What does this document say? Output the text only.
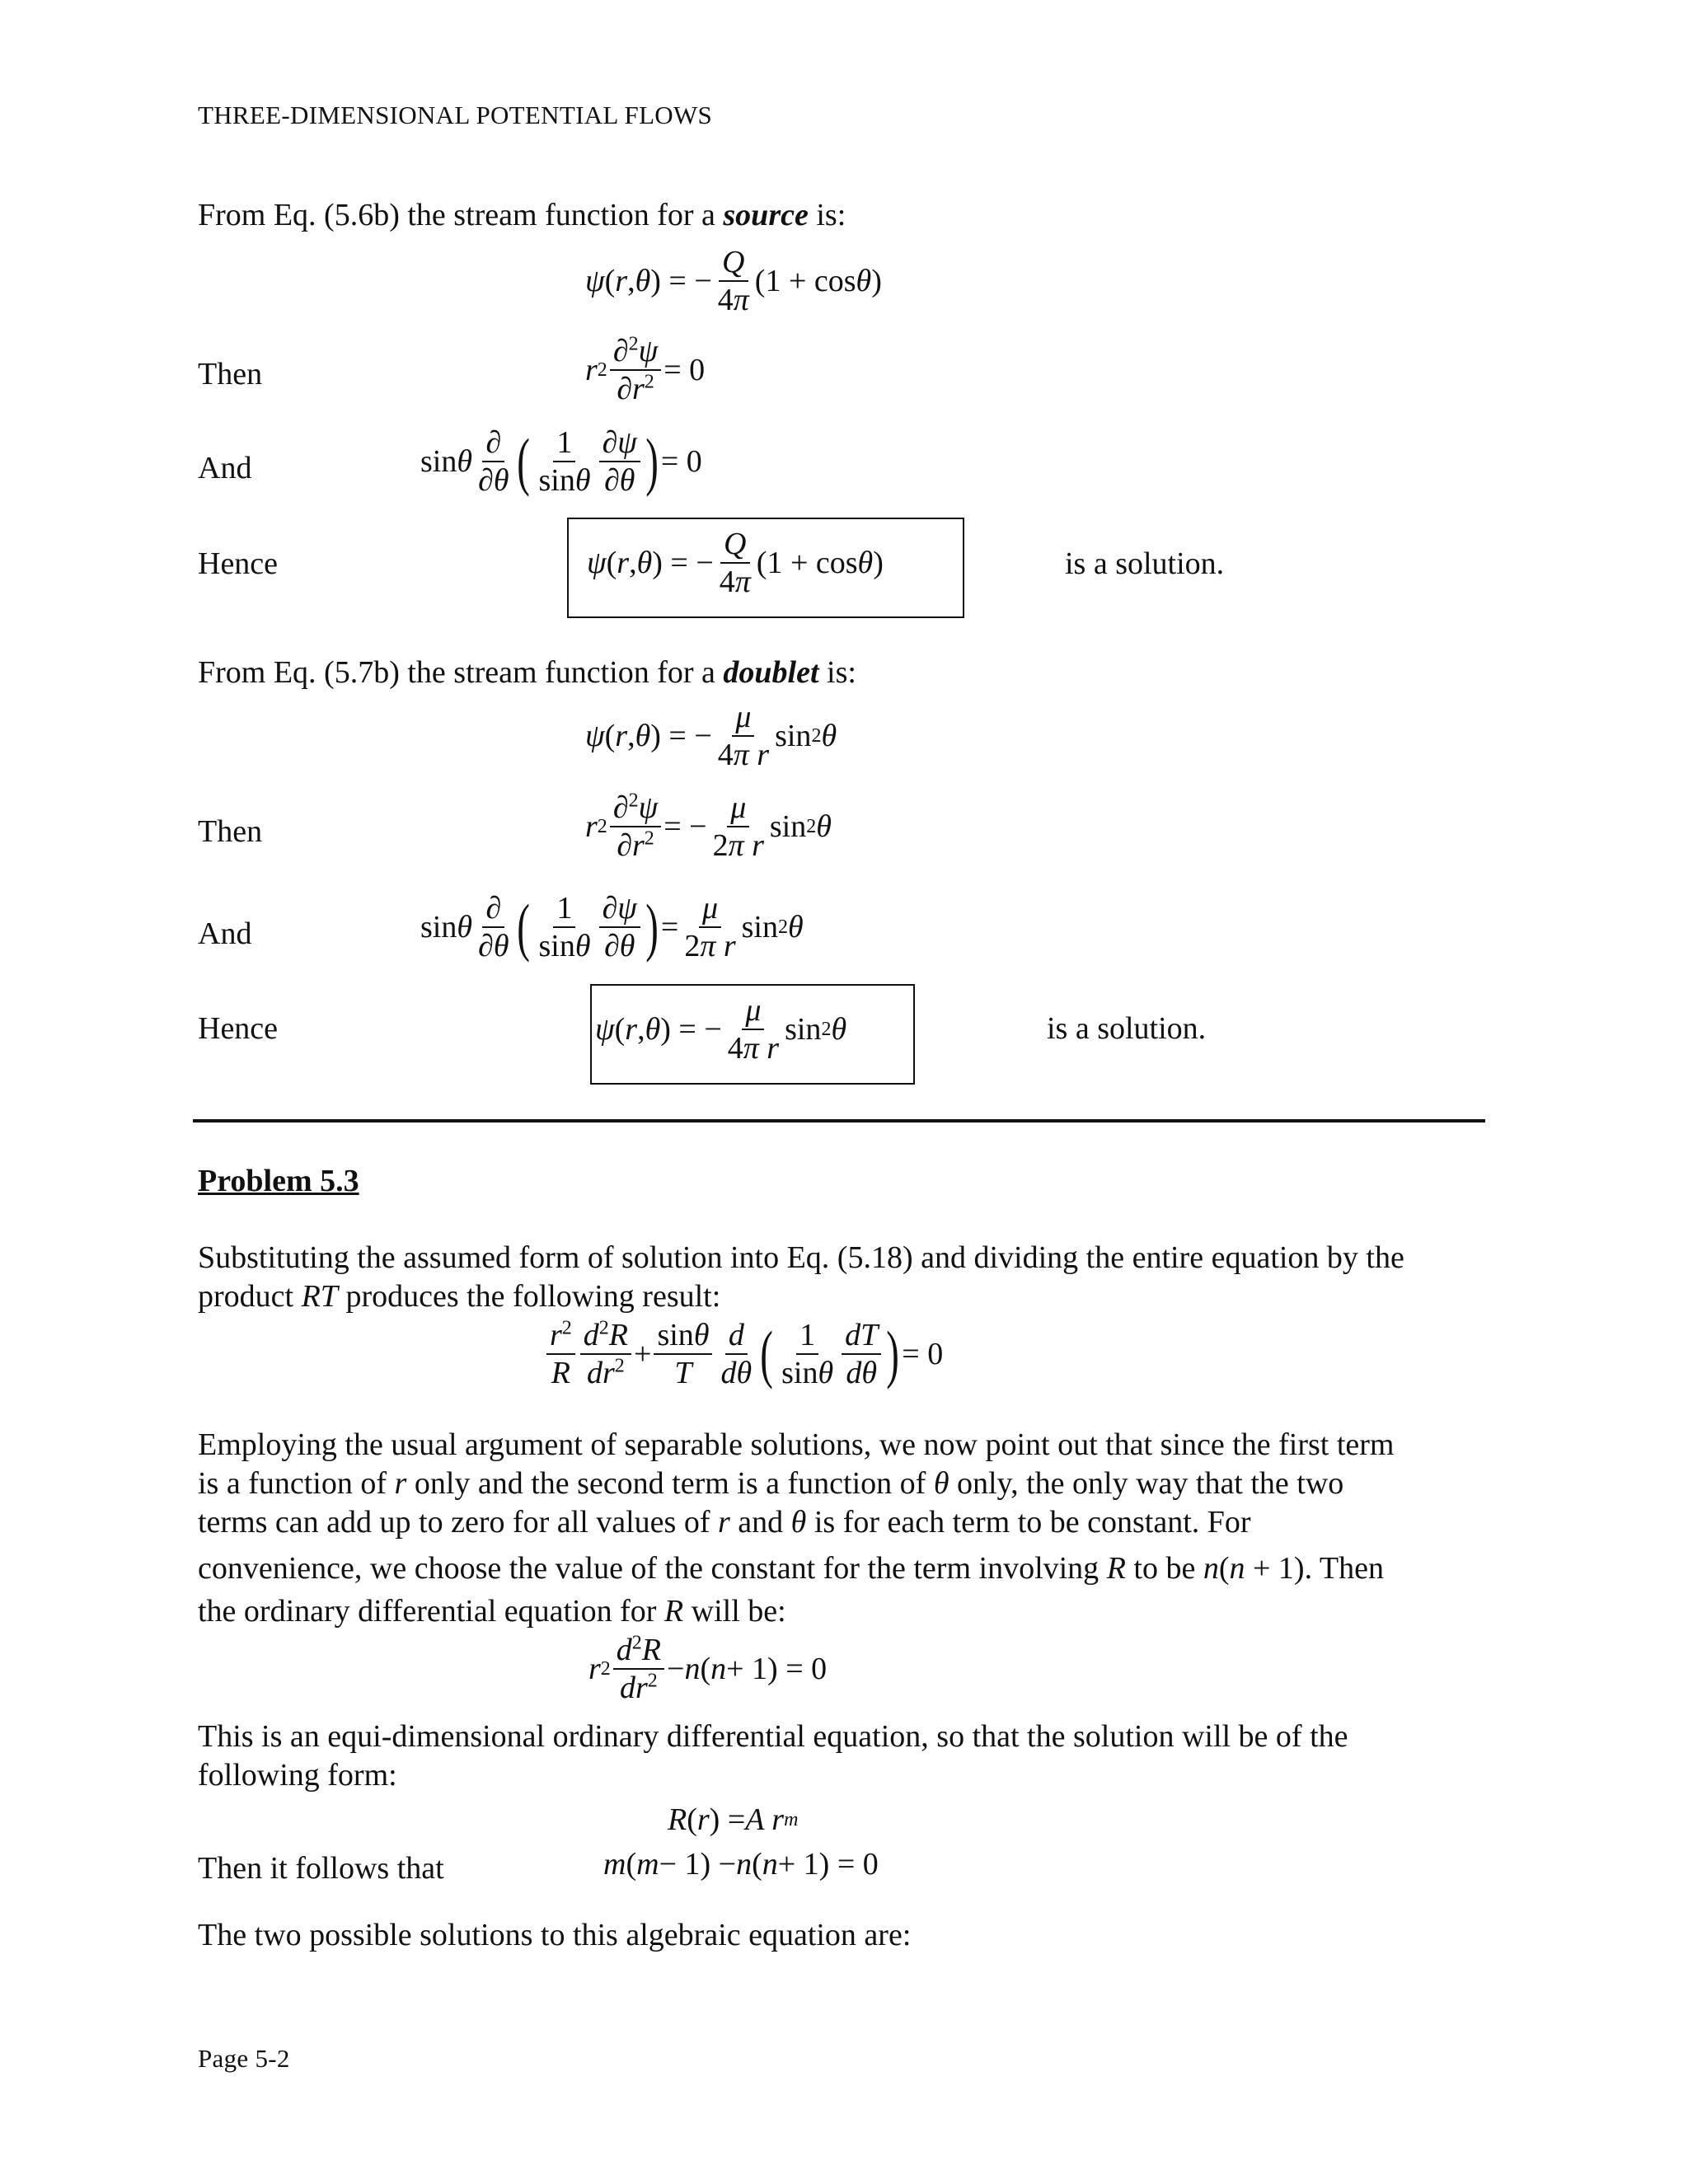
THREE-DIMENSIONAL POTENTIAL FLOWS
From Eq. (5.6b) the stream function for a source is:
ψ ( r , θ ) = − $\frac{Q}{4\pi} (1 + \cos \theta$ )
Then	r $2 \frac{\partial^2\psi}{\partial r^2} = 0$
And	sin θ $\frac{\partial}{\partial\theta}$ ( $\frac{1}{\sin\theta} \frac{\partial\psi}{\partial\theta}$ ) = 0
Hence	ψ ( r , θ ) = − $\frac{Q}{4\pi} (1 + \cos \theta$ )	is a solution.
From Eq. (5.7b) the stream function for a doublet is:
ψ ( r , θ ) = − $\frac{\mu}{\text{4π r}}$ sin 2 θ
Then	r $2 \frac{\partial^2\psi}{\partial r^2}$ = − $\frac{\mu}{\text{2π r}}$ sin 2 θ
And	sin θ $\frac{\partial}{\partial\theta}$ ( $\frac{1}{\sin\theta} \frac{\partial\psi}{\partial\theta}$ ) = $\frac{\mu}{\text{2π r}}$ sin 2 θ
Hence	ψ ( r , θ ) = − $\frac{\mu}{\text{4π r}}$ sin 2 θ	is a solution.
Problem 5.3
Substituting the assumed form of solution into Eq. (5.18) and dividing the entire equation by the
product RT produces the following result:
$\frac{r^2}{R} \frac{d^2R}{dr^2} + \frac{\sin\theta}{T} \frac{d}{d\theta}$ ( $\frac{1}{\sin\theta} \frac{dT}{d\theta}$ ) = 0
Employing the usual argument of separable solutions, we now point out that since the first term
is a function of r only and the second term is a function of θ only, the only way that the two
terms can add up to zero for all values of r and θ is for each term to be constant. For
convenience, we choose the value of the constant for the term involving R to be n(n + 1). Then
the ordinary differential equation for R will be:
r $2 \frac{d^2R}{dr^2} - n$ ( n + 1) = 0
This is an equi-dimensional ordinary differential equation, so that the solution will be of the
following form:
R ( r ) = A r m
Then it follows that	m ( m − 1) − n ( n + 1) = 0
The two possible solutions to this algebraic equation are:
Page 5-2
